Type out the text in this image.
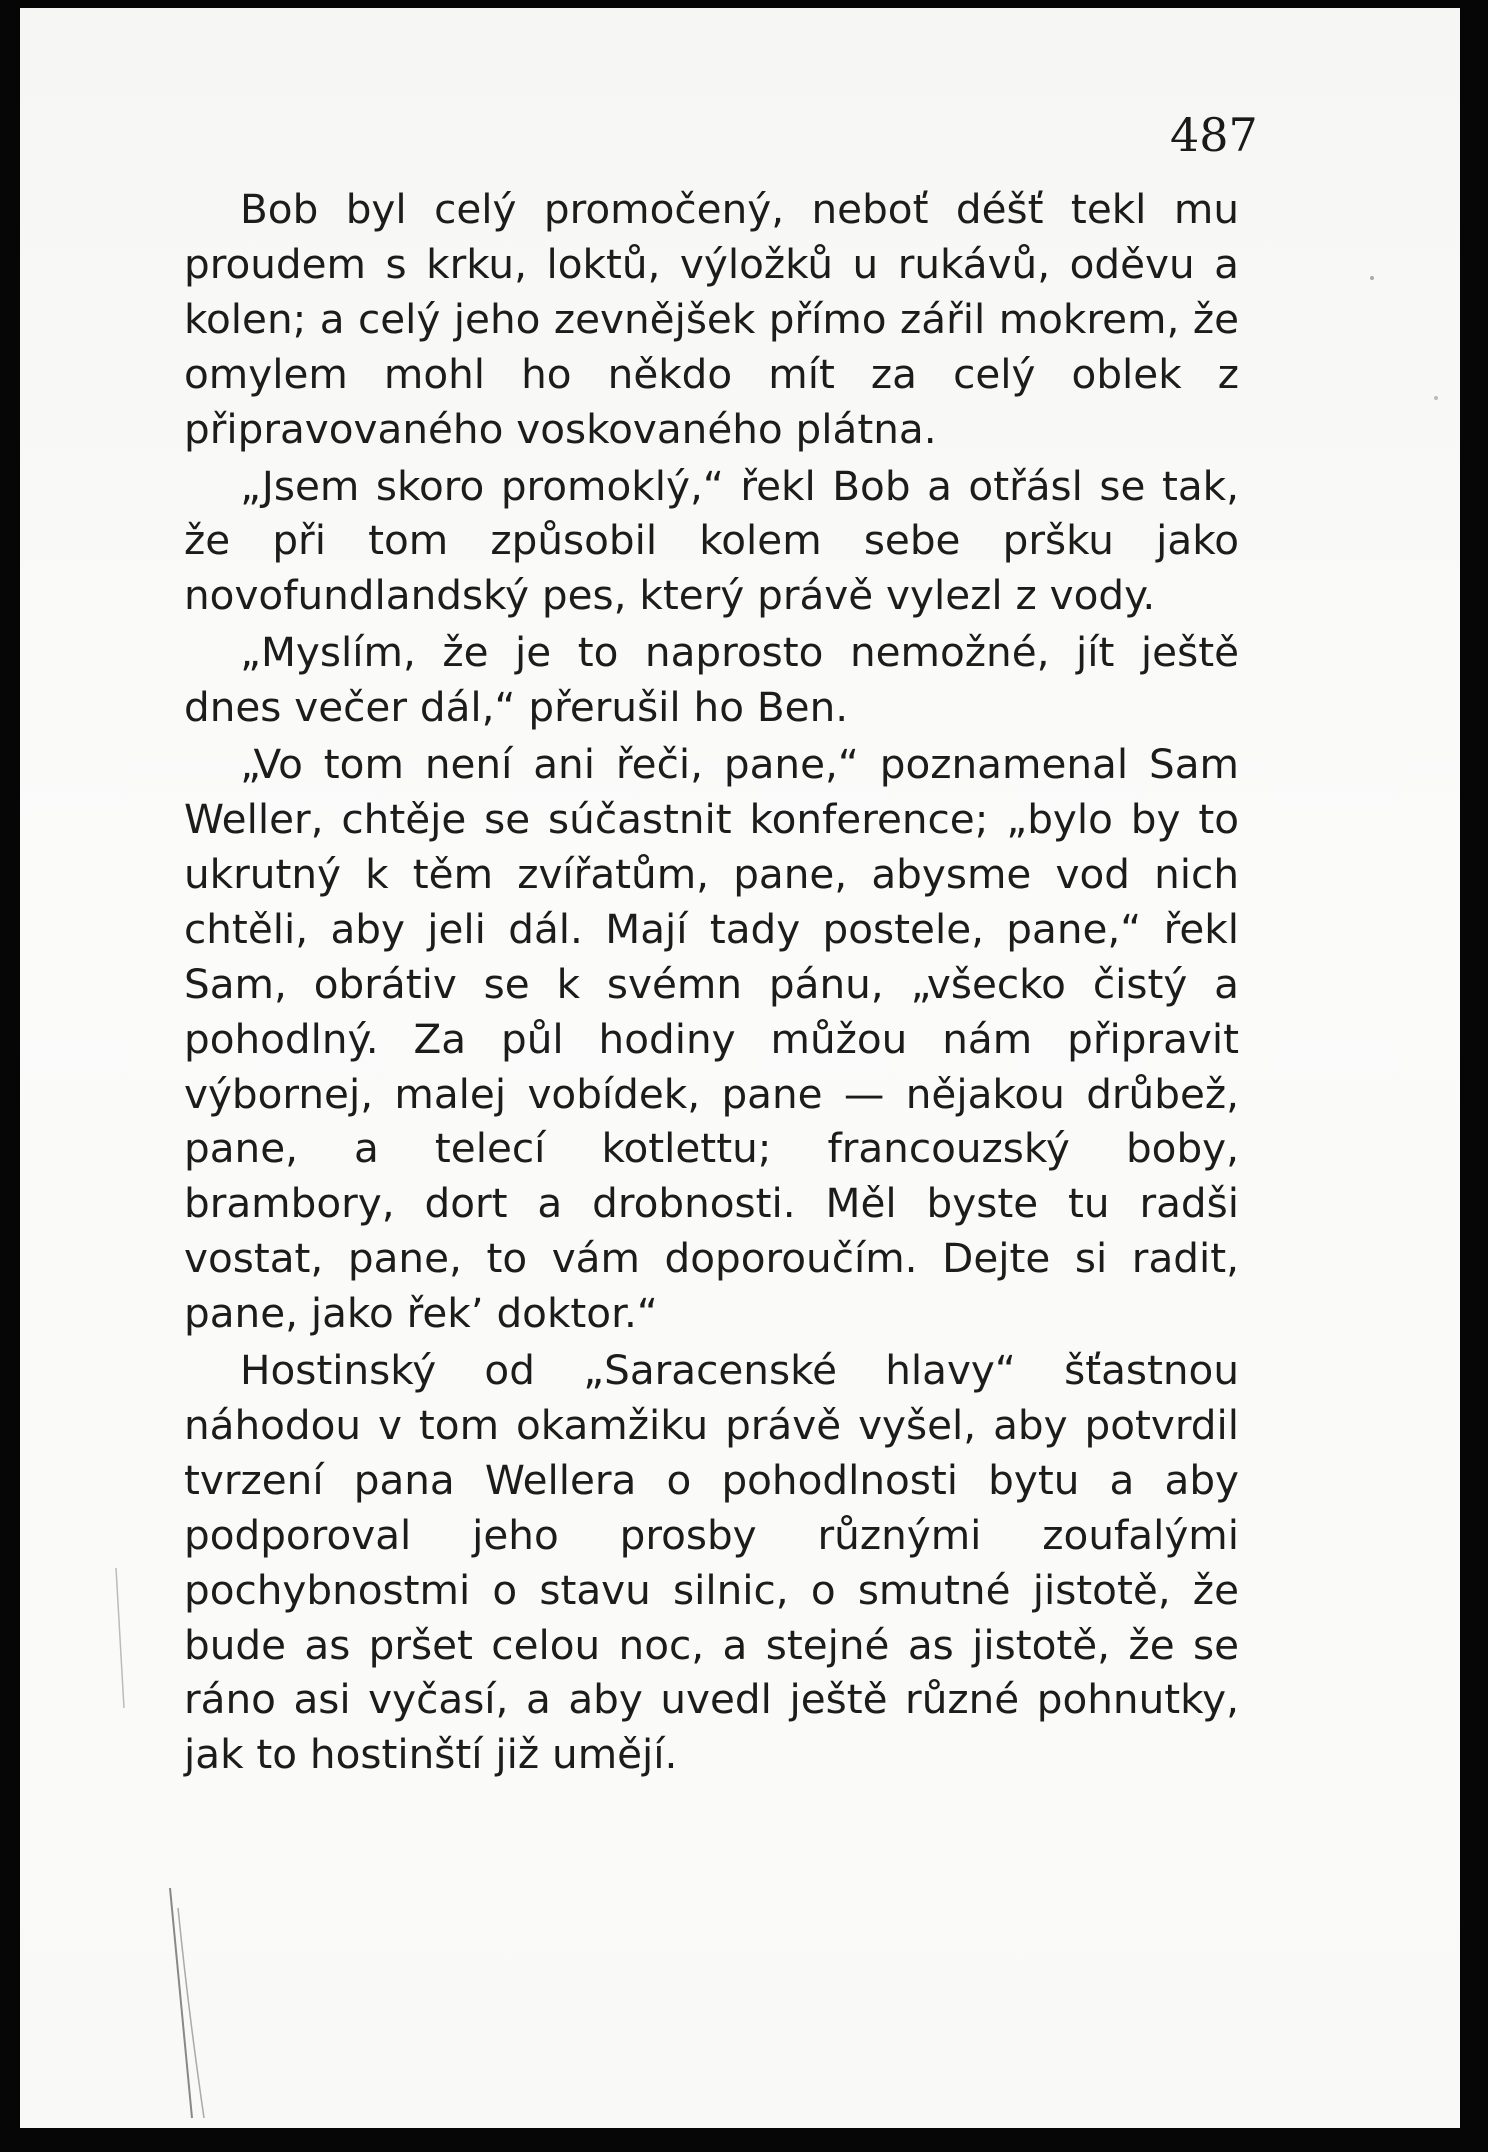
487

Bob byl celý promočený, neboť déšť tekl mu proudem s krku, loktů, výložků u rukávů, oděvu a kolen; a celý jeho zevnějšek přímo zářil mokrem, že omylem mohl ho někdo mít za celý oblek z připravovaného voskovaného plátna.

„Jsem skoro promoklý,“ řekl Bob a otřásl se tak, že při tom způsobil kolem sebe pršku jako novofundlandský pes, který právě vylezl z vody.

„Myslím, že je to naprosto nemožné, jít ještě dnes večer dál,“ přerušil ho Ben.

„Vo tom není ani řeči, pane,“ poznamenal Sam Weller, chtěje se súčastnit konference; „bylo by to ukrutný k těm zvířatům, pane, abysme vod nich chtěli, aby jeli dál. Mají tady postele, pane,“ řekl Sam, obrátiv se k svémn pánu, „všecko čistý a pohodlný. Za půl hodiny můžou nám připravit výbornej, malej vobídek, pane — nějakou drůbež, pane, a telecí kotlettu; francouzský boby, brambory, dort a drobnosti. Měl byste tu radši vostat, pane, to vám doporoučím. Dejte si radit, pane, jako řek’ doktor.“

Hostinský od „Saracenské hlavy“ šťastnou náhodou v tom okamžiku právě vyšel, aby potvrdil tvrzení pana Wellera o pohodlnosti bytu a aby podporoval jeho prosby různými zoufalými pochybnostmi o stavu silnic, o smutné jistotě, že bude as pršet celou noc, a stejné as jistotě, že se ráno asi vyčasí, a aby uvedl ještě různé pohnutky, jak to hostinští již umějí.
